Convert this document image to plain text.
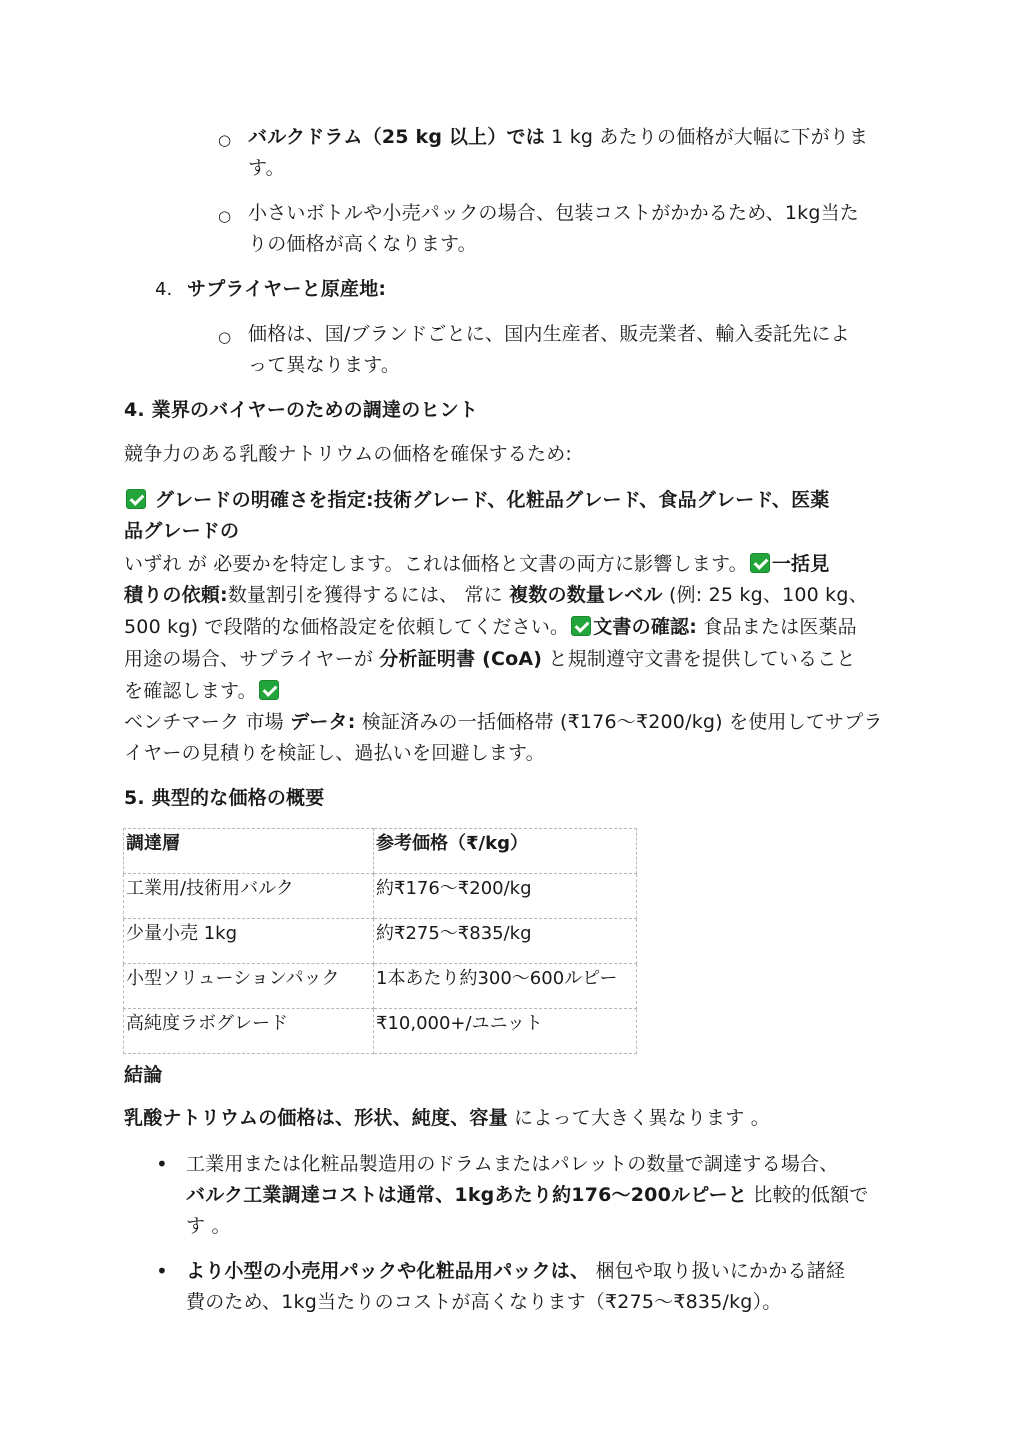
○ バルクドラム（25 kg 以上）では 1 kg あたりの価格が大幅に下がりま
す。
○ 小さいボトルや小売パックの場合、包装コストがかかるため、1kg当た
りの価格が高くなります。
4. サプライヤーと原産地:
○ 価格は、国/ブランドごとに、国内生産者、販売業者、輸入委託先によ
って異なります。
4. 業界のバイヤーのための調達のヒント
競争力のある乳酸ナトリウムの価格を確保するため:
グレードの明確さを指定:技術グレード、化粧品グレード、食品グレード、医薬
品グレードの
いずれ が 必要かを特定します。これは価格と文書の両方に影響します。 一括見
積りの依頼:数量割引を獲得するには、 常に 複数の数量レベル (例: 25 kg、100 kg、
500 kg) で段階的な価格設定を依頼してください。 文書の確認: 食品または医薬品
用途の場合、サプライヤーが 分析証明書 (CoA) と規制遵守文書を提供していること
を確認します。
ベンチマーク 市場 データ: 検証済みの一括価格帯 (₹176〜₹200/kg) を使用してサプラ
イヤーの見積りを検証し、過払いを回避します。
5. 典型的な価格の概要
調達層	参考価格（₹/kg）
工業用/技術用バルク	約₹176〜₹200/kg
少量小売 1kg	約₹275〜₹835/kg
小型ソリューションパック	1本あたり約300〜600ルピー
高純度ラボグレード	₹10,000+/ユニット
結論
乳酸ナトリウムの価格は、形状、純度、容量 によって大きく異なります 。
• 工業用または化粧品製造用のドラムまたはパレットの数量で調達する場合、
バルク工業調達コストは通常、1kgあたり約176〜200ルピーと 比較的低額で
す 。
• より小型の小売用パックや化粧品用パックは、 梱包や取り扱いにかかる諸経
費のため、1kg当たりのコストが高くなります（₹275〜₹835/kg）。
